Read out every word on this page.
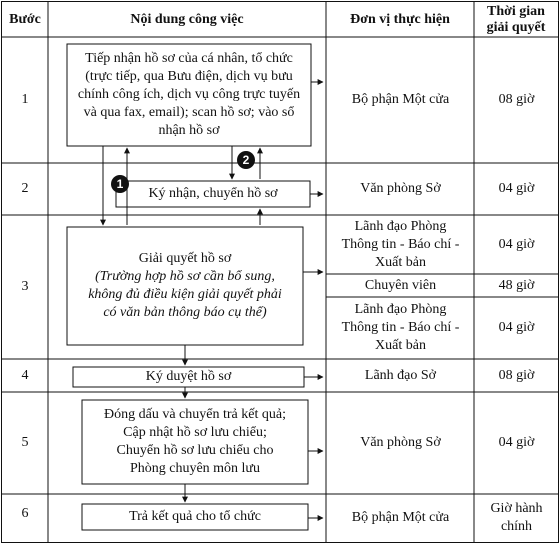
Bước	Nội dung công việc	Đơn vị thực hiện
Thời gian
giải quyết
1
2
3
4
5
6
Tiếp nhận hồ sơ của cá nhân, tổ chức
(trực tiếp, qua Bưu điện, dịch vụ bưu
chính công ích, dịch vụ công trực tuyến
và qua fax, email); scan hồ sơ; vào sổ
nhận hồ sơ
Ký nhận, chuyển hồ sơ
Giải quyết hồ sơ
(Trường hợp hồ sơ cần bổ sung,
không đủ điều kiện giải quyết phải
có văn bản thông báo cụ thể)
Ký duyệt hồ sơ
Đóng dấu và chuyển trả kết quả;
Cập nhật hồ sơ lưu chiểu;
Chuyển hồ sơ lưu chiểu cho
Phòng chuyên môn lưu
Trả kết quả cho tổ chức
1
2
Bộ phận Một cửa
Văn phòng Sở
Lãnh đạo Phòng
Thông tin - Báo chí -
Xuất bản
Chuyên viên
Lãnh đạo Phòng
Thông tin - Báo chí -
Xuất bản
Lãnh đạo Sở
Văn phòng Sở
Bộ phận Một cửa
08 giờ
04 giờ
04 giờ
48 giờ
04 giờ
08 giờ
04 giờ
Giờ hành
chính
